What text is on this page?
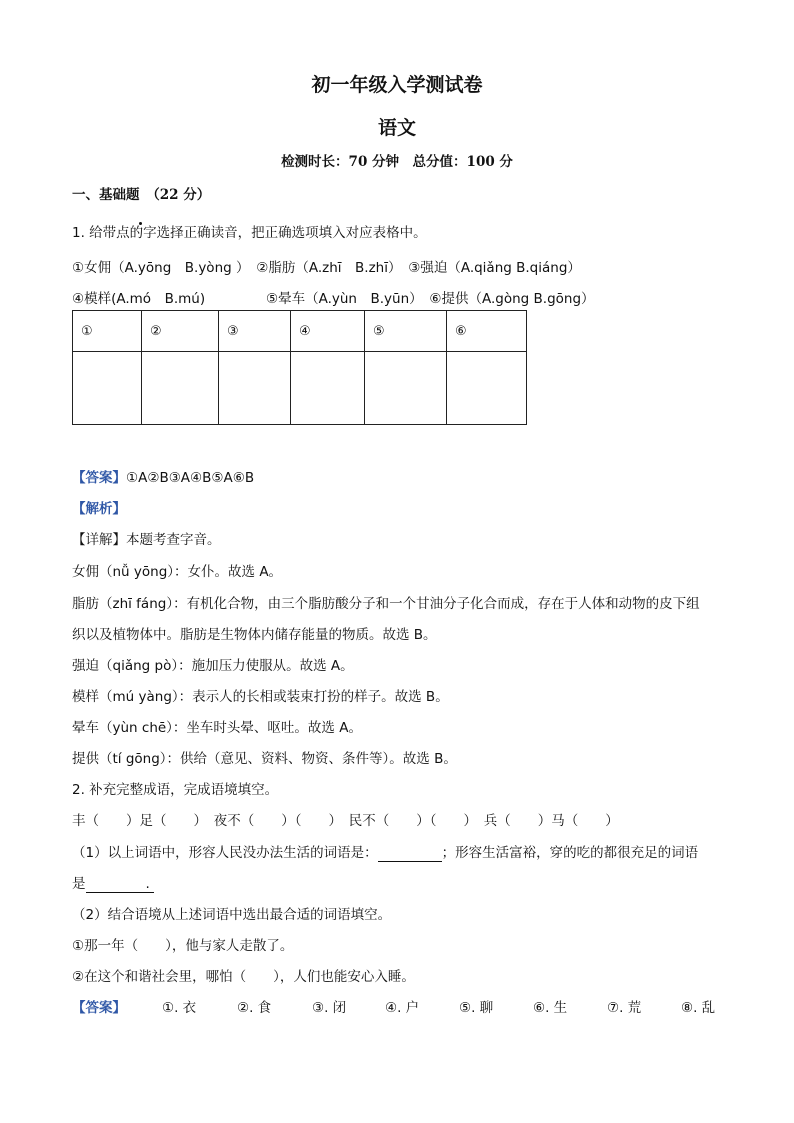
初一年级入学测试卷
语文
检测时长：70 分钟　总分值：100 分
一、基础题　（22 分）
1. 给带点的字选择正确读音，把正确选项填入对应表格中。
①女佣（A.yōng　B.yòng ）　②脂肪（A.zhī　B.zhī）　③强迫（A.qiǎng B.qiáng）
④模样(A.mó　B.mú)	⑤晕车（A.yùn　B.yūn）　⑥提供（A.gòng B.gōng）
①	②	③	④	⑤	⑥

【答案】①A②B③A④B⑤A⑥B
【解析】
【详解】本题考查字音。
女佣（nǚ yōng）：女仆。故选 A。
脂肪（zhī fáng）：有机化合物，由三个脂肪酸分子和一个甘油分子化合而成，存在于人体和动物的皮下组
织以及植物体中。脂肪是生物体内储存能量的物质。故选 B。
强迫（qiǎng pò）：施加压力使服从。故选 A。
模样（mú yàng）：表示人的长相或装束打扮的样子。故选 B。
晕车（yùn chē）：坐车时头晕、呕吐。故选 A。
提供（tí gōng）：供给（意见、资料、物资、条件等）。故选 B。
2. 补充完整成语，完成语境填空。
丰（　　）足（　　）　夜不（　　）（　　）　民不（　　）（　　）　兵（　　）马（　　）
（1）以上词语中，形容人民没办法生活的词语是：	；形容生活富裕，穿的吃的都很充足的词语
是	.
（2）结合语境从上述词语中选出最合适的词语填空。
①那一年（　　），他与家人走散了。
②在这个和谐社会里，哪怕（　　），人们也能安心入睡。
【答案】	①. 衣	②. 食	③. 闭	④. 户	⑤. 聊	⑥. 生	⑦. 荒	⑧. 乱
